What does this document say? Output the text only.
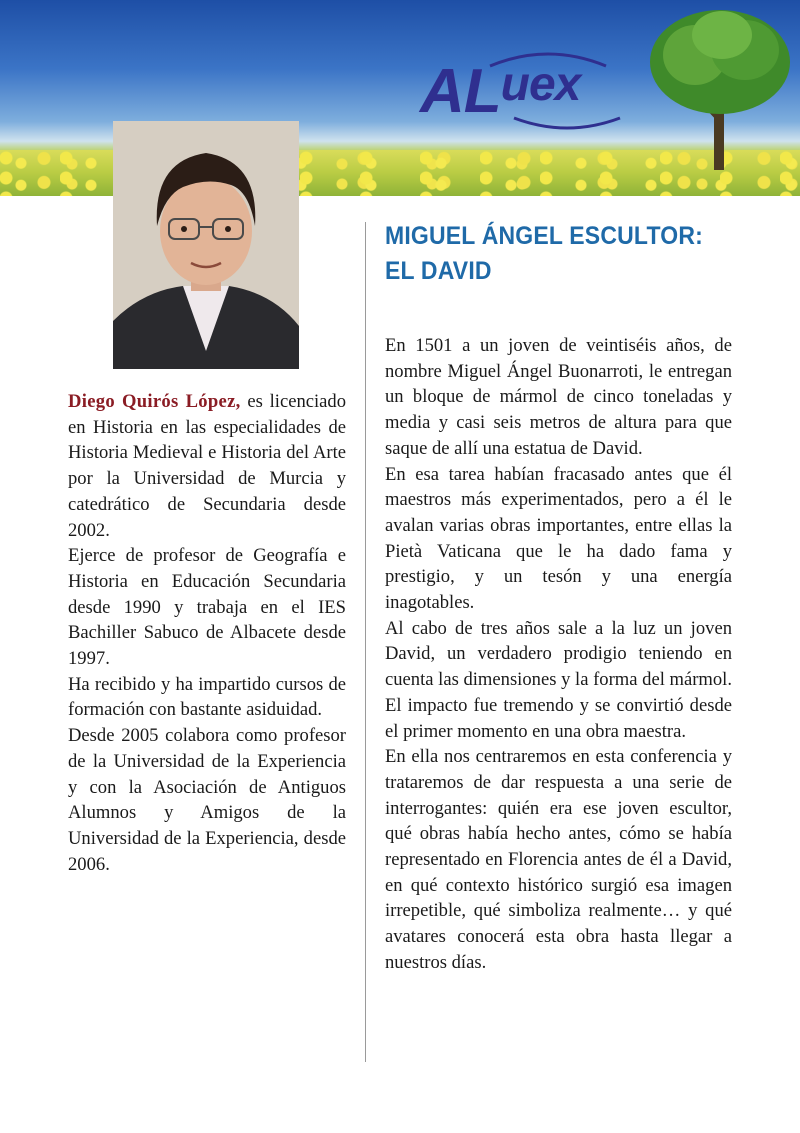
ALuex

Diego Quirós López, es licenciado en Historia en las especialidades de Historia Medieval e Historia del Arte por la Universidad de Murcia y catedrático de Secundaria desde 2002.

Ejerce de profesor de Geografía e Historia en Educación Secundaria desde 1990 y trabaja en el IES Bachiller Sabuco de Albacete desde 1997.

Ha recibido y ha impartido cursos de formación con bastante asiduidad.

Desde 2005 colabora como profesor de la Universidad de la Experiencia y con la Asociación de Antiguos Alumnos y Amigos de la Universidad de la Experiencia, desde 2006.

MIGUEL ÁNGEL ESCULTOR:
EL DAVID

En 1501 a un joven de veintiséis años, de nombre Miguel Ángel Buonarroti, le entregan un bloque de mármol de cinco toneladas y media y casi seis metros de altura para que saque de allí una estatua de David.

En esa tarea habían fracasado antes que él maestros más experimentados, pero a él le avalan varias obras importantes, entre ellas la Pietà Vaticana que le ha dado fama y prestigio, y un tesón y una energía inagotables.

Al cabo de tres años sale a la luz un joven David, un verdadero prodigio teniendo en cuenta las dimensiones y la forma del mármol. El impacto fue tremendo y se convirtió desde el primer momento en una obra maestra.

En ella nos centraremos en esta conferencia y trataremos de dar respuesta a una serie de interrogantes: quién era ese joven escultor, qué obras había hecho antes, cómo se había representado en Florencia antes de él a David, en qué contexto histórico surgió esa imagen irrepetible, qué simboliza realmente… y qué avatares conocerá esta obra hasta llegar a nuestros días.
